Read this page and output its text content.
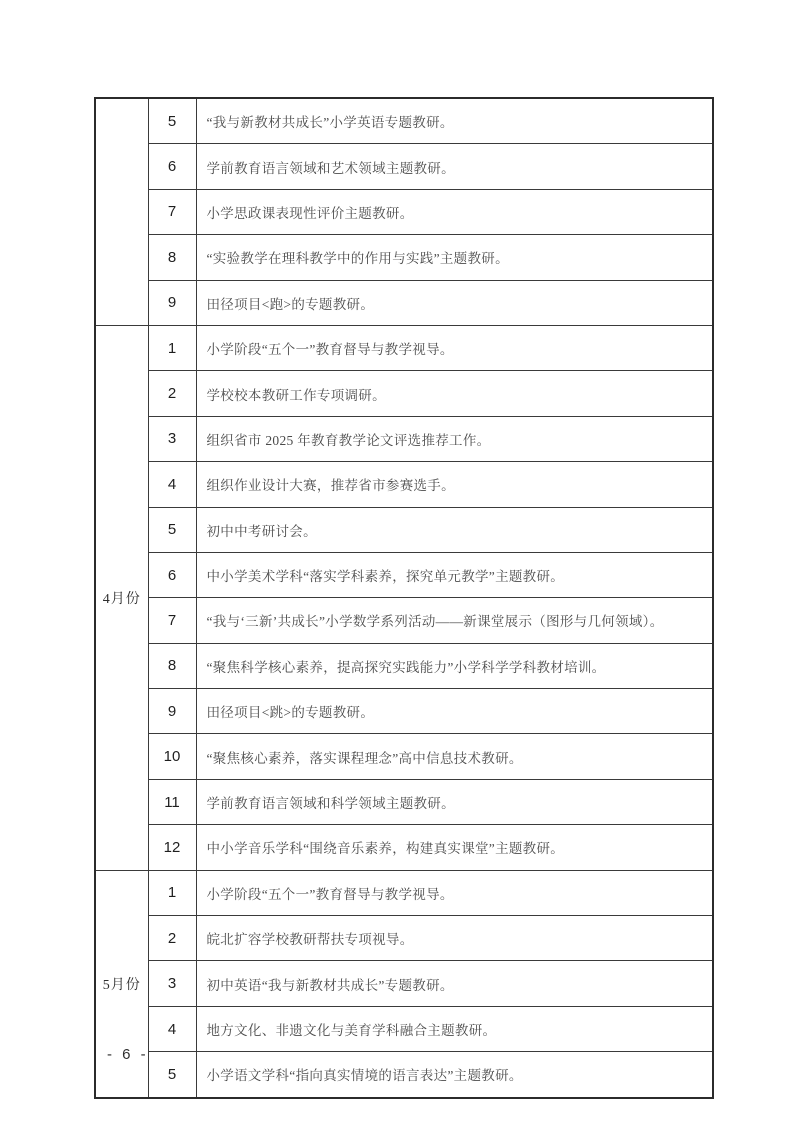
	5	“我与新教材共成长”小学英语专题教研。
	6	学前教育语言领域和艺术领域主题教研。
	7	小学思政课表现性评价主题教研。
	8	“实验教学在理科教学中的作用与实践”主题教研。
	9	田径项目<跑>的专题教研。
4月份	1	小学阶段“五个一”教育督导与教学视导。
	2	学校校本教研工作专项调研。
	3	组织省市 2025 年教育教学论文评选推荐工作。
	4	组织作业设计大赛，推荐省市参赛选手。
	5	初中中考研讨会。
	6	中小学美术学科“落实学科素养，探究单元教学”主题教研。
	7	“我与‘三新’共成长”小学数学系列活动——新课堂展示（图形与几何领域）。
	8	“聚焦科学核心素养，提高探究实践能力”小学科学学科教材培训。
	9	田径项目<跳>的专题教研。
	10	“聚焦核心素养，落实课程理念”高中信息技术教研。
	11	学前教育语言领域和科学领域主题教研。
	12	中小学音乐学科“围绕音乐素养，构建真实课堂”主题教研。
5月份	1	小学阶段“五个一”教育督导与教学视导。
	2	皖北扩容学校教研帮扶专项视导。
	3	初中英语“我与新教材共成长”专题教研。
	4	地方文化、非遗文化与美育学科融合主题教研。
	5	小学语文学科“指向真实情境的语言表达”主题教研。
- 6 -
